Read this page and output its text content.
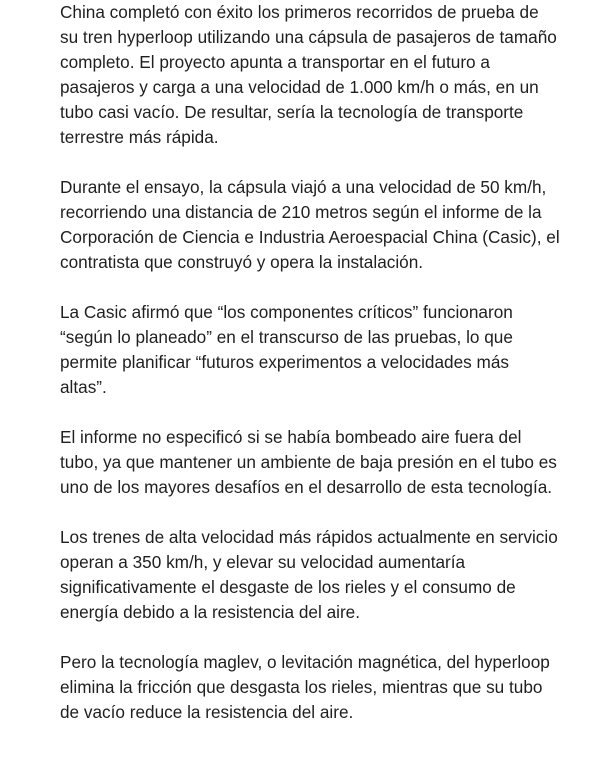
China completó con éxito los primeros recorridos de prueba de su tren hyperloop utilizando una cápsula de pasajeros de tamaño completo. El proyecto apunta a transportar en el futuro a pasajeros y carga a una velocidad de 1.000 km/h o más, en un tubo casi vacío. De resultar, sería la tecnología de transporte terrestre más rápida.

Durante el ensayo, la cápsula viajó a una velocidad de 50 km/h, recorriendo una distancia de 210 metros según el informe de la Corporación de Ciencia e Industria Aeroespacial China (Casic), el contratista que construyó y opera la instalación.

La Casic afirmó que “los componentes críticos” funcionaron “según lo planeado” en el transcurso de las pruebas, lo que permite planificar “futuros experimentos a velocidades más altas”.

El informe no especificó si se había bombeado aire fuera del tubo, ya que mantener un ambiente de baja presión en el tubo es uno de los mayores desafíos en el desarrollo de esta tecnología.

Los trenes de alta velocidad más rápidos actualmente en servicio operan a 350 km/h, y elevar su velocidad aumentaría significativamente el desgaste de los rieles y el consumo de energía debido a la resistencia del aire.

Pero la tecnología maglev, o levitación magnética, del hyperloop elimina la fricción que desgasta los rieles, mientras que su tubo de vacío reduce la resistencia del aire.
